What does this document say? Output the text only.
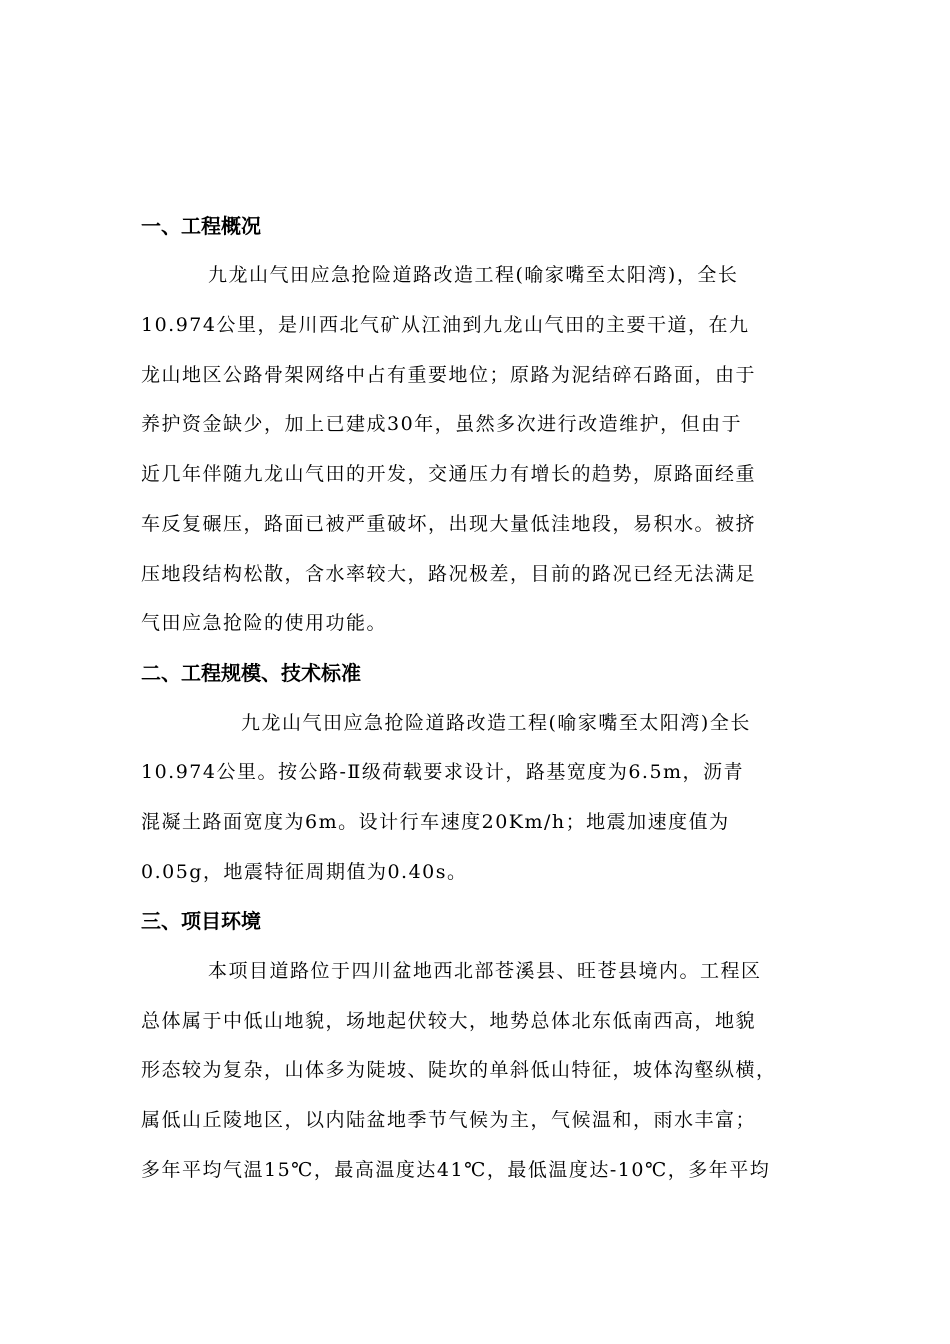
一、工程概况
九龙山气田应急抢险道路改造工程(喻家嘴至太阳湾)，全长
10.974公里，是川西北气矿从江油到九龙山气田的主要干道，在九
龙山地区公路骨架网络中占有重要地位；原路为泥结碎石路面，由于
养护资金缺少，加上已建成30年，虽然多次进行改造维护，但由于
近几年伴随九龙山气田的开发，交通压力有增长的趋势，原路面经重
车反复碾压，路面已被严重破坏，出现大量低洼地段，易积水。被挤
压地段结构松散，含水率较大，路况极差，目前的路况已经无法满足
气田应急抢险的使用功能。
二、工程规模、技术标准
九龙山气田应急抢险道路改造工程(喻家嘴至太阳湾)全长
10.974公里。按公路-Ⅱ级荷载要求设计，路基宽度为6.5m，沥青
混凝土路面宽度为6m。设计行车速度20Km/h；地震加速度值为
0.05g，地震特征周期值为0.40s。
三、项目环境
本项目道路位于四川盆地西北部苍溪县、旺苍县境内。工程区
总体属于中低山地貌，场地起伏较大，地势总体北东低南西高，地貌
形态较为复杂，山体多为陡坡、陡坎的单斜低山特征，坡体沟壑纵横，
属低山丘陵地区，以内陆盆地季节气候为主，气候温和，雨水丰富；
多年平均气温15℃，最高温度达41℃，最低温度达-10℃，多年平均
